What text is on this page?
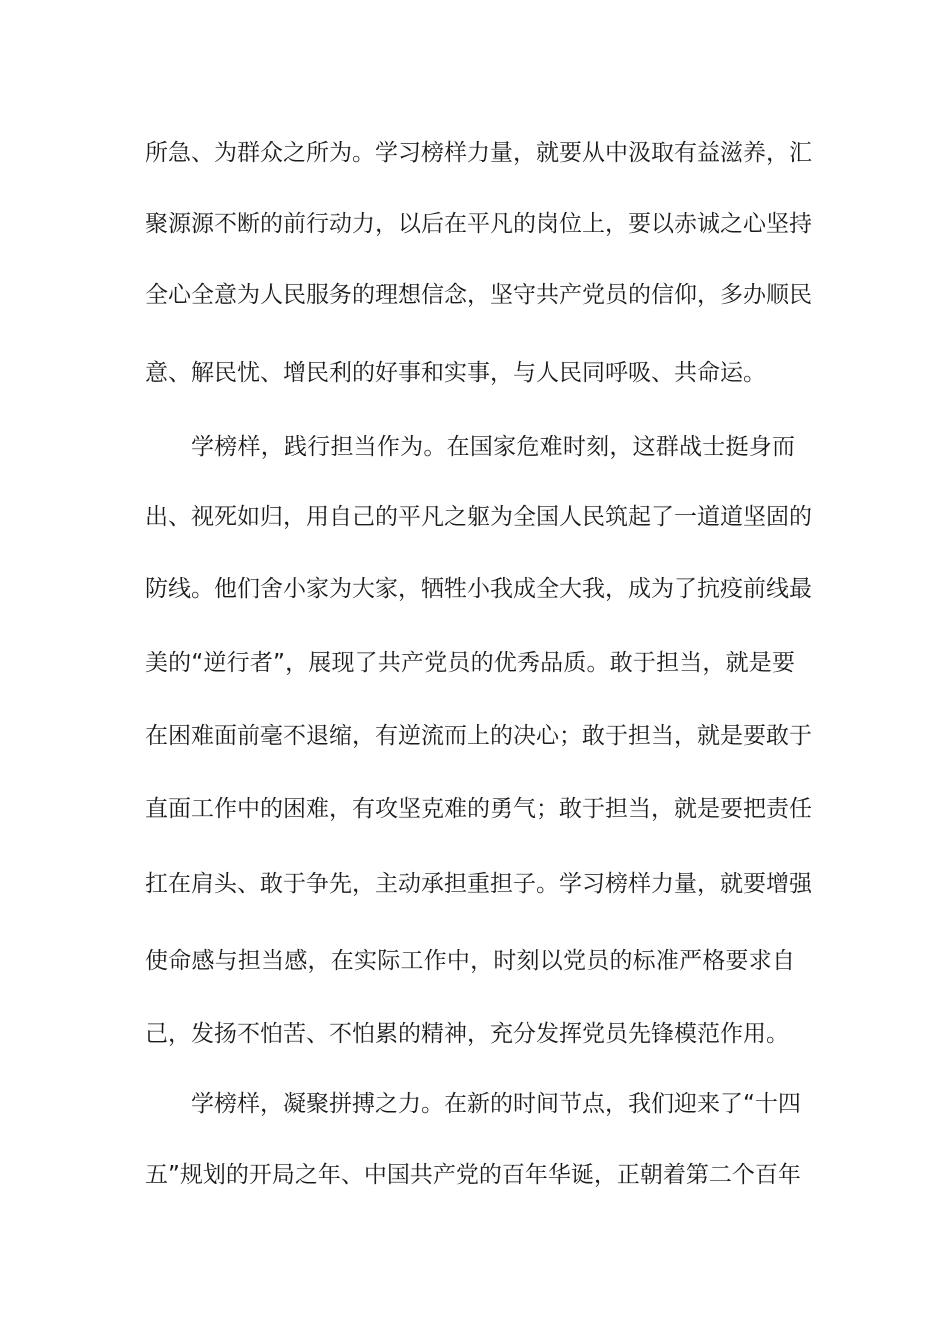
所急、为群众之所为。学习榜样力量，就要从中汲取有益滋养，汇
聚源源不断的前行动力，以后在平凡的岗位上，要以赤诚之心坚持
全心全意为人民服务的理想信念，坚守共产党员的信仰，多办顺民
意、解民忧、增民利的好事和实事，与人民同呼吸、共命运。
学榜样，践行担当作为。在国家危难时刻，这群战士挺身而
出、视死如归，用自己的平凡之躯为全国人民筑起了一道道坚固的
防线。他们舍小家为大家，牺牲小我成全大我，成为了抗疫前线最
美的“逆行者”，展现了共产党员的优秀品质。敢于担当，就是要
在困难面前毫不退缩，有逆流而上的决心；敢于担当，就是要敢于
直面工作中的困难，有攻坚克难的勇气；敢于担当，就是要把责任
扛在肩头、敢于争先，主动承担重担子。学习榜样力量，就要增强
使命感与担当感，在实际工作中，时刻以党员的标准严格要求自
己，发扬不怕苦、不怕累的精神，充分发挥党员先锋模范作用。
学榜样，凝聚拼搏之力。在新的时间节点，我们迎来了“十四
五”规划的开局之年、中国共产党的百年华诞，正朝着第二个百年
